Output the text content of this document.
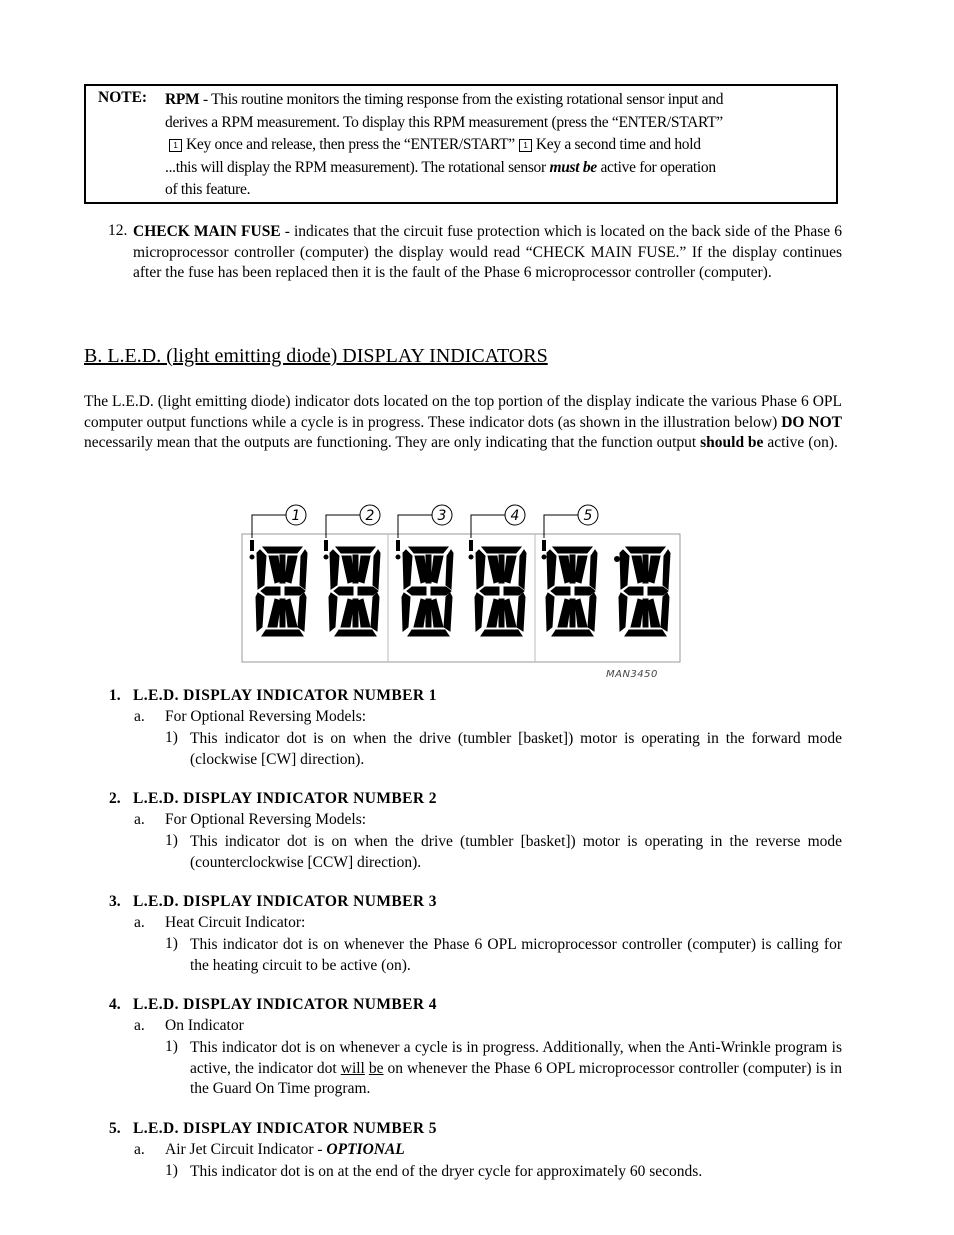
NOTE: RPM - This routine monitors the timing response from the existing rotational sensor input and
derives a RPM measurement. To display this RPM measurement (press the “ENTER/START”
1 Key once and release, then press the “ENTER/START” 1 Key a second time and hold
...this will display the RPM measurement). The rotational sensor must be active for operation
of this feature.
12. CHECK MAIN FUSE - indicates that the circuit fuse protection which is located on the back side of the Phase 6 microprocessor controller (computer) the display would read “CHECK MAIN FUSE.” If the display continues after the fuse has been replaced then it is the fault of the Phase 6 microprocessor controller (computer).
B. L.E.D. (light emitting diode) DISPLAY INDICATORS
The L.E.D. (light emitting diode) indicator dots located on the top portion of the display indicate the various Phase 6 OPL computer output functions while a cycle is in progress. These indicator dots (as shown in the illustration below) DO NOT necessarily mean that the outputs are functioning. They are only indicating that the function output should be active (on).
1	2	3	4	5
MAN3450
1. L.E.D. DISPLAY INDICATOR NUMBER 1
a. For Optional Reversing Models:
1) This indicator dot is on when the drive (tumbler [basket]) motor is operating in the forward mode (clockwise [CW] direction).
2. L.E.D. DISPLAY INDICATOR NUMBER 2
a. For Optional Reversing Models:
1) This indicator dot is on when the drive (tumbler [basket]) motor is operating in the reverse mode (counterclockwise [CCW] direction).
3. L.E.D. DISPLAY INDICATOR NUMBER 3
a. Heat Circuit Indicator:
1) This indicator dot is on whenever the Phase 6 OPL microprocessor controller (computer) is calling for the heating circuit to be active (on).
4. L.E.D. DISPLAY INDICATOR NUMBER 4
a. On Indicator
1) This indicator dot is on whenever a cycle is in progress. Additionally, when the Anti-Wrinkle program is active, the indicator dot will be on whenever the Phase 6 OPL microprocessor controller (computer) is in the Guard On Time program.
5. L.E.D. DISPLAY INDICATOR NUMBER 5
a. Air Jet Circuit Indicator - OPTIONAL
1) This indicator dot is on at the end of the dryer cycle for approximately 60 seconds.
